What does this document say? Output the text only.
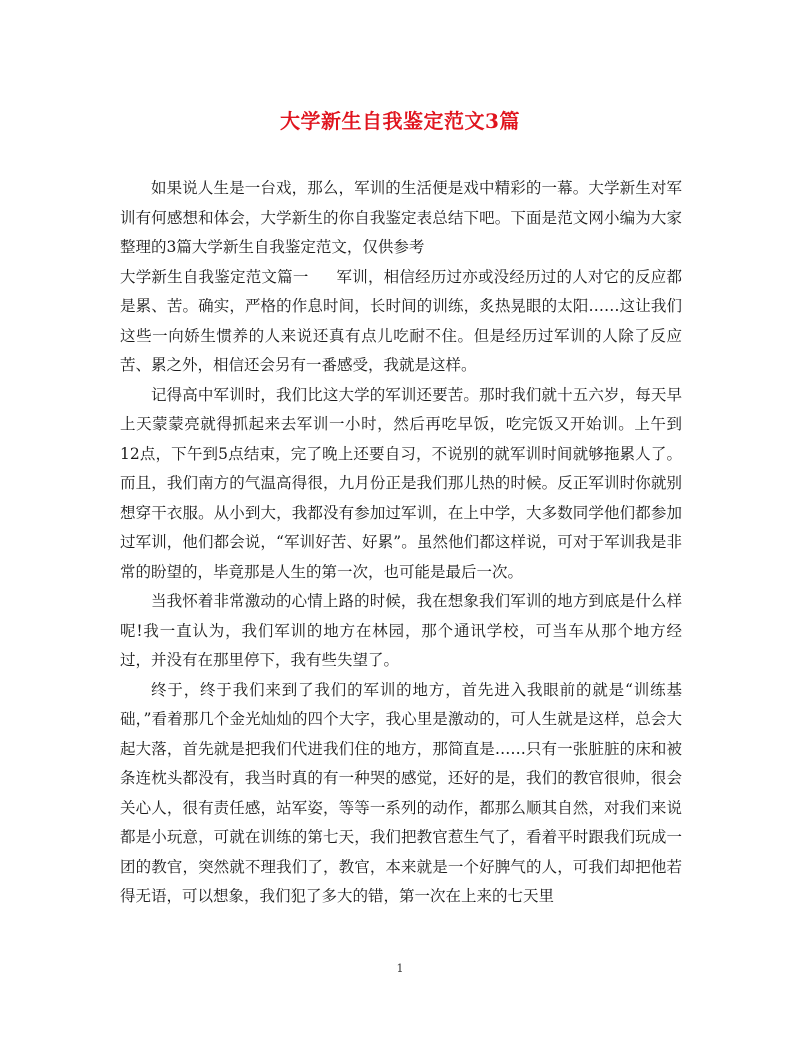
大学新生自我鉴定范文3篇

如果说人生是一台戏，那么，军训的生活便是戏中精彩的一幕。大学新生对军训有何感想和体会，大学新生的你自我鉴定表总结下吧。下面是范文网小编为大家整理的3篇大学新生自我鉴定范文，仅供参考

大学新生自我鉴定范文篇一 军训，相信经历过亦或没经历过的人对它的反应都是累、苦。确实，严格的作息时间，长时间的训练，炙热晃眼的太阳……这让我们这些一向娇生惯养的人来说还真有点儿吃耐不住。但是经历过军训的人除了反应苦、累之外，相信还会另有一番感受，我就是这样。

记得高中军训时，我们比这大学的军训还要苦。那时我们就十五六岁，每天早上天蒙蒙亮就得抓起来去军训一小时，然后再吃早饭，吃完饭又开始训。上午到12点，下午到5点结束，完了晚上还要自习，不说别的就军训时间就够拖累人了。而且，我们南方的气温高得很，九月份正是我们那儿热的时候。反正军训时你就别想穿干衣服。从小到大，我都没有参加过军训，在上中学，大多数同学他们都参加过军训，他们都会说，“军训好苦、好累”。虽然他们都这样说，可对于军训我是非常的盼望的，毕竟那是人生的第一次，也可能是最后一次。

当我怀着非常激动的心情上路的时候，我在想象我们军训的地方到底是什么样呢!我一直认为，我们军训的地方在林园，那个通讯学校，可当车从那个地方经过，并没有在那里停下，我有些失望了。

终于，终于我们来到了我们的军训的地方，首先进入我眼前的就是“训练基础，”看着那几个金光灿灿的四个大字，我心里是激动的，可人生就是这样，总会大起大落，首先就是把我们代进我们住的地方，那简直是……只有一张脏脏的床和被条连枕头都没有，我当时真的有一种哭的感觉，还好的是，我们的教官很帅，很会关心人，很有责任感，站军姿，等等一系列的动作，都那么顺其自然，对我们来说都是小玩意，可就在训练的第七天，我们把教官惹生气了，看着平时跟我们玩成一团的教官，突然就不理我们了，教官，本来就是一个好脾气的人，可我们却把他若得无语，可以想象，我们犯了多大的错，第一次在上来的七天里

1
